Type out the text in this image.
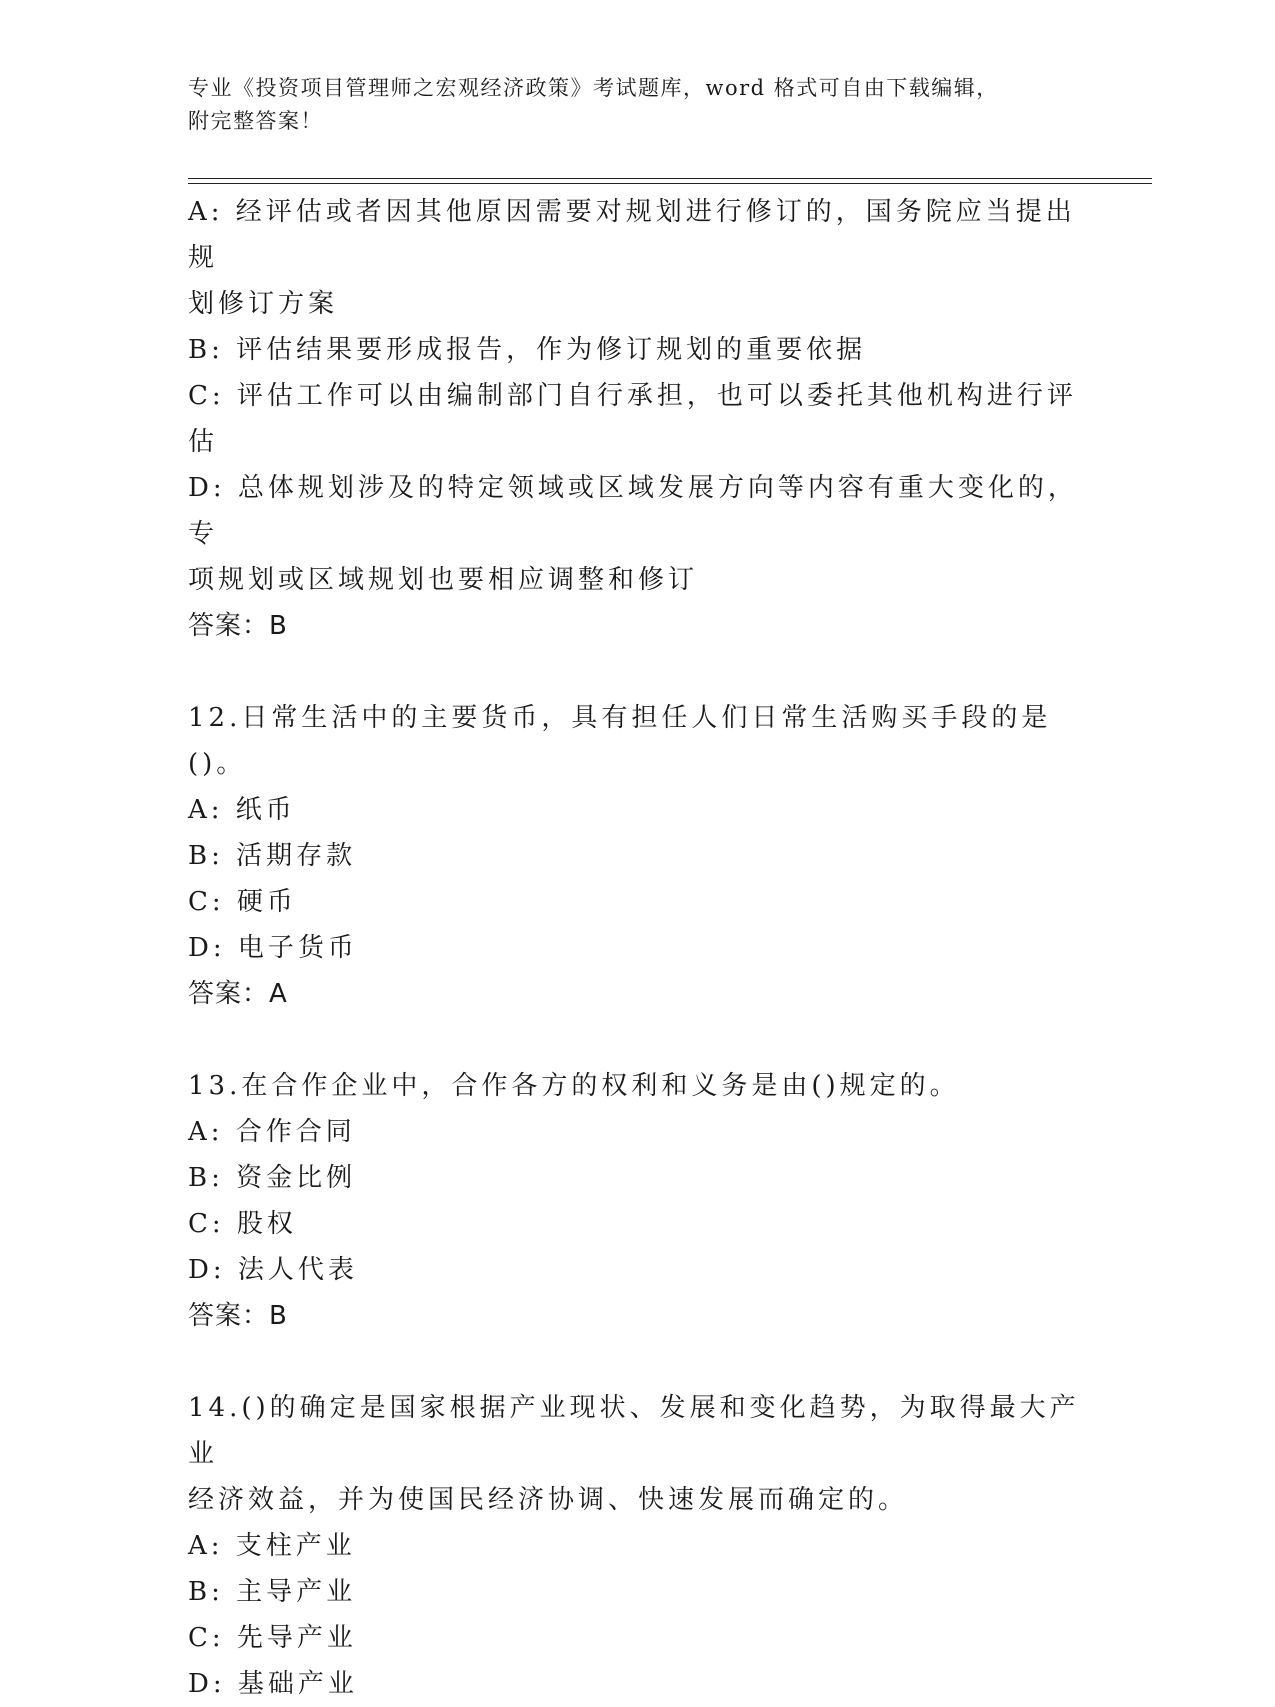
专业《投资项目管理师之宏观经济政策》考试题库，word 格式可自由下载编辑，
附完整答案！
A: 经评估或者因其他原因需要对规划进行修订的，国务院应当提出规
划修订方案
B: 评估结果要形成报告，作为修订规划的重要依据
C: 评估工作可以由编制部门自行承担，也可以委托其他机构进行评估
D: 总体规划涉及的特定领域或区域发展方向等内容有重大变化的，专
项规划或区域规划也要相应调整和修订
答案：B
12.日常生活中的主要货币，具有担任人们日常生活购买手段的是()。
A: 纸币
B: 活期存款
C: 硬币
D: 电子货币
答案：A
13.在合作企业中，合作各方的权利和义务是由()规定的。
A: 合作合同
B: 资金比例
C: 股权
D: 法人代表
答案：B
14.()的确定是国家根据产业现状、发展和变化趋势，为取得最大产业
经济效益，并为使国民经济协调、快速发展而确定的。
A: 支柱产业
B: 主导产业
C: 先导产业
D: 基础产业
